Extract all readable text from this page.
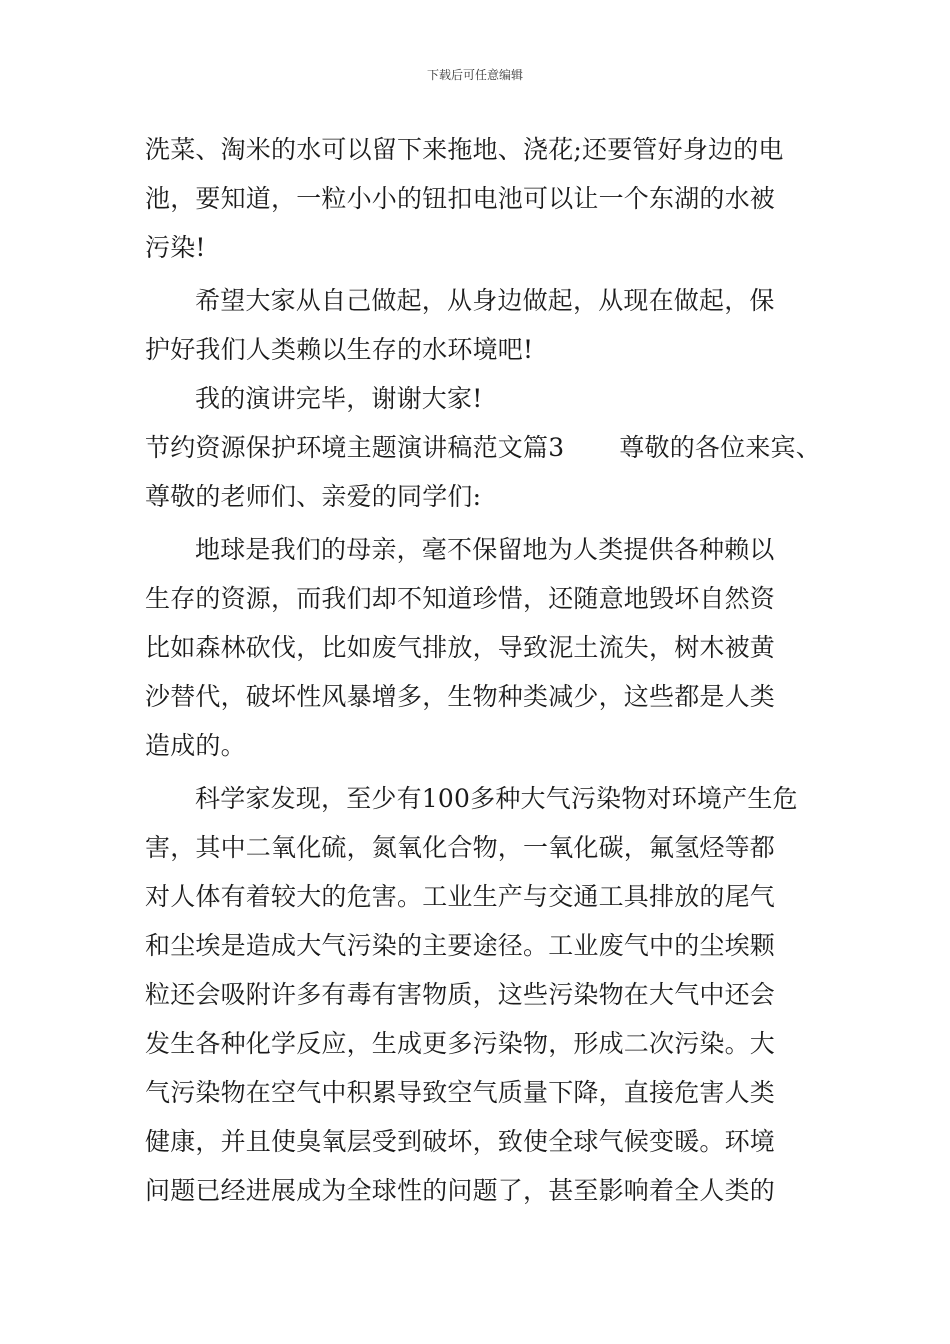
下载后可任意编辑
洗菜、淘米的水可以留下来拖地、浇花;还要管好身边的电
池，要知道，一粒小小的钮扣电池可以让一个东湖的水被
污染!
希望大家从自己做起，从身边做起，从现在做起，保
护好我们人类赖以生存的水环境吧!
我的演讲完毕，谢谢大家!
节约资源保护环境主题演讲稿范文篇3 尊敬的各位来宾、
尊敬的老师们、亲爱的同学们:
地球是我们的母亲，毫不保留地为人类提供各种赖以
生存的资源，而我们却不知道珍惜，还随意地毁坏自然资
比如森林砍伐，比如废气排放，导致泥土流失，树木被黄
沙替代，破坏性风暴增多，生物种类减少，这些都是人类
造成的。
科学家发现，至少有100多种大气污染物对环境产生危
害，其中二氧化硫，氮氧化合物，一氧化碳，氟氢烃等都
对人体有着较大的危害。工业生产与交通工具排放的尾气
和尘埃是造成大气污染的主要途径。工业废气中的尘埃颗
粒还会吸附许多有毒有害物质，这些污染物在大气中还会
发生各种化学反应，生成更多污染物，形成二次污染。大
气污染物在空气中积累导致空气质量下降，直接危害人类
健康，并且使臭氧层受到破坏，致使全球气候变暖。环境
问题已经进展成为全球性的问题了，甚至影响着全人类的
